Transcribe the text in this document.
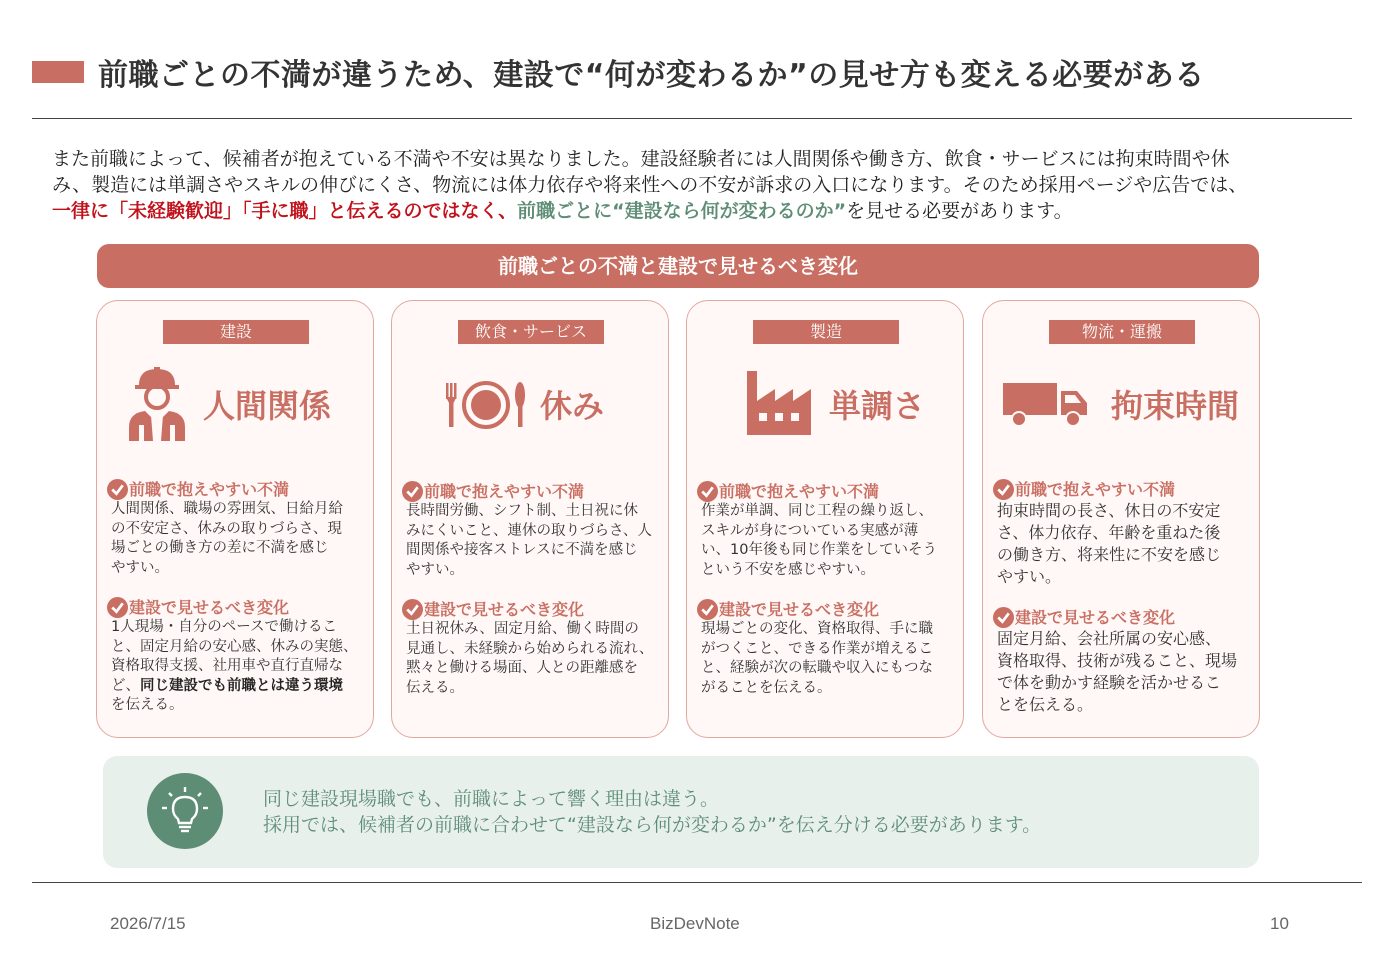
前職ごとの不満が違うため、建設で“何が変わるか”の見せ方も変える必要がある
また前職によって、候補者が抱えている不満や不安は異なりました。建設経験者には人間関係や働き方、飲食・サービスには拘束時間や休
み、製造には単調さやスキルの伸びにくさ、物流には体力依存や将来性への不安が訴求の入口になります。そのため採用ページや広告では、
一律に「未経験歓迎」「手に職」と伝えるのではなく、前職ごとに“建設なら何が変わるのか”を見せる必要があります。
前職ごとの不満と建設で見せるべき変化
建設
人間関係
前職で抱えやすい不満
人間関係、職場の雰囲気、日給月給
の不安定さ、休みの取りづらさ、現
場ごとの働き方の差に不満を感じ
やすい。
建設で見せるべき変化
1人現場・自分のペースで働けるこ
と、固定月給の安心感、休みの実態、
資格取得支援、社用車や直行直帰な
ど、同じ建設でも前職とは違う環境
を伝える。
飲食・サービス
休み
前職で抱えやすい不満
長時間労働、シフト制、土日祝に休
みにくいこと、連休の取りづらさ、人
間関係や接客ストレスに不満を感じ
やすい。
建設で見せるべき変化
土日祝休み、固定月給、働く時間の
見通し、未経験から始められる流れ、
黙々と働ける場面、人との距離感を
伝える。
製造
単調さ
前職で抱えやすい不満
作業が単調、同じ工程の繰り返し、
スキルが身についている実感が薄
い、10年後も同じ作業をしていそう
という不安を感じやすい。
建設で見せるべき変化
現場ごとの変化、資格取得、手に職
がつくこと、できる作業が増えるこ
と、経験が次の転職や収入にもつな
がることを伝える。
物流・運搬
拘束時間
前職で抱えやすい不満
拘束時間の長さ、休日の不安定
さ、体力依存、年齢を重ねた後
の働き方、将来性に不安を感じ
やすい。
建設で見せるべき変化
固定月給、会社所属の安心感、
資格取得、技術が残ること、現場
で体を動かす経験を活かせるこ
とを伝える。
同じ建設現場職でも、前職によって響く理由は違う。
採用では、候補者の前職に合わせて“建設なら何が変わるか”を伝え分ける必要があります。
2026/7/15	BizDevNote	10
